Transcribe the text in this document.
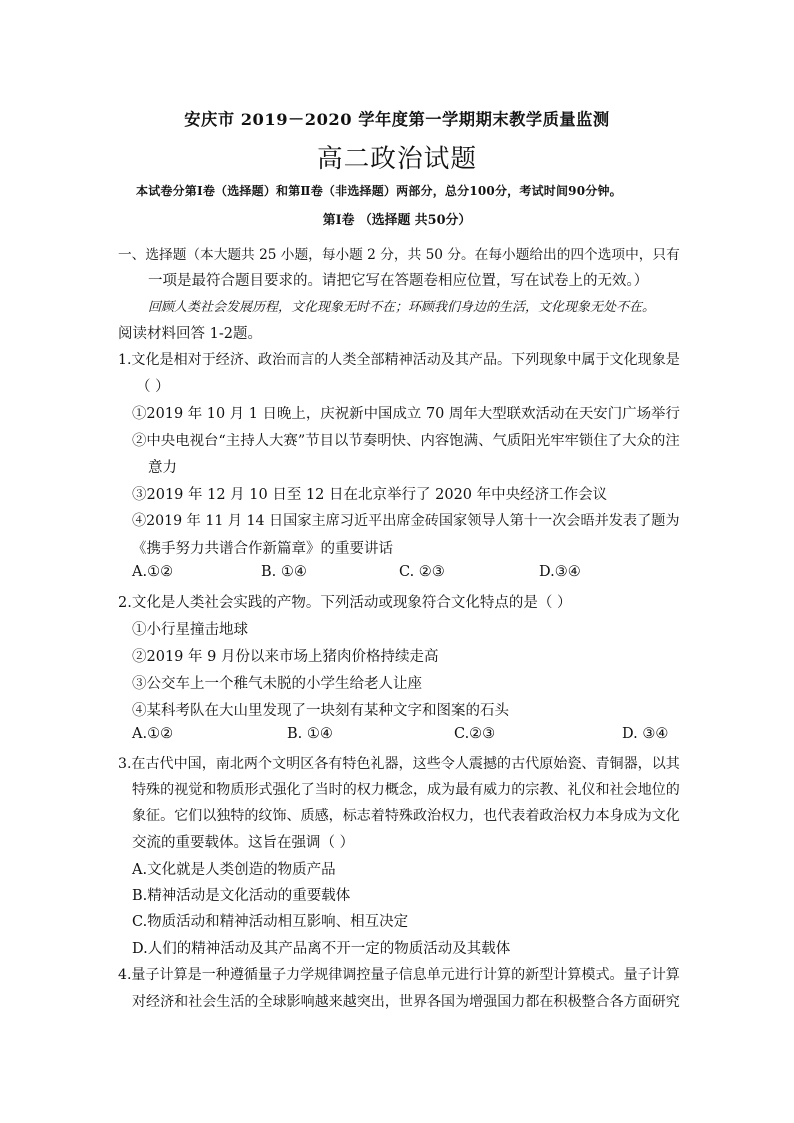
安庆市 2019－2020 学年度第一学期期末教学质量监测
高二政治试题
本试卷分第Ⅰ卷（选择题）和第Ⅱ卷（非选择题）两部分，总分100分，考试时间90分钟。
第Ⅰ卷 （选择题 共50分）
一、选择题（本大题共 25 小题，每小题 2 分，共 50 分。在每小题给出的四个选项中，只有
一项是最符合题目要求的。请把它写在答题卷相应位置，写在试卷上的无效。）
回顾人类社会发展历程，文化现象无时不在；环顾我们身边的生活，文化现象无处不在。
阅读材料回答 1-2题。
1.文化是相对于经济、政治而言的人类全部精神活动及其产品。下列现象中属于文化现象是
（ ）
①2019 年 10 月 1 日晚上，庆祝新中国成立 70 周年大型联欢活动在天安门广场举行
②中央电视台“主持人大赛”节目以节奏明快、内容饱满、气质阳光牢牢锁住了大众的注
意力
③2019 年 12 月 10 日至 12 日在北京举行了 2020 年中央经济工作会议
④2019 年 11 月 14 日国家主席习近平出席金砖国家领导人第十一次会晤并发表了题为
《携手努力共谱合作新篇章》的重要讲话
A.①②	B. ①④	C. ②③	D.③④
2.文化是人类社会实践的产物。下列活动或现象符合文化特点的是（ ）
①小行星撞击地球
②2019 年 9 月份以来市场上猪肉价格持续走高
③公交车上一个稚气未脱的小学生给老人让座
④某科考队在大山里发现了一块刻有某种文字和图案的石头
A.①②	B. ①④	C.②③	D. ③④
3.在古代中国，南北两个文明区各有特色礼器，这些令人震撼的古代原始瓷、青铜器，以其
特殊的视觉和物质形式强化了当时的权力概念，成为最有威力的宗教、礼仪和社会地位的
象征。它们以独特的纹饰、质感，标志着特殊政治权力，也代表着政治权力本身成为文化
交流的重要载体。这旨在强调（ ）
A.文化就是人类创造的物质产品
B.精神活动是文化活动的重要载体
C.物质活动和精神活动相互影响、相互决定
D.人们的精神活动及其产品离不开一定的物质活动及其载体
4.量子计算是一种遵循量子力学规律调控量子信息单元进行计算的新型计算模式。量子计算
对经济和社会生活的全球影响越来越突出，世界各国为增强国力都在积极整合各方面研究
